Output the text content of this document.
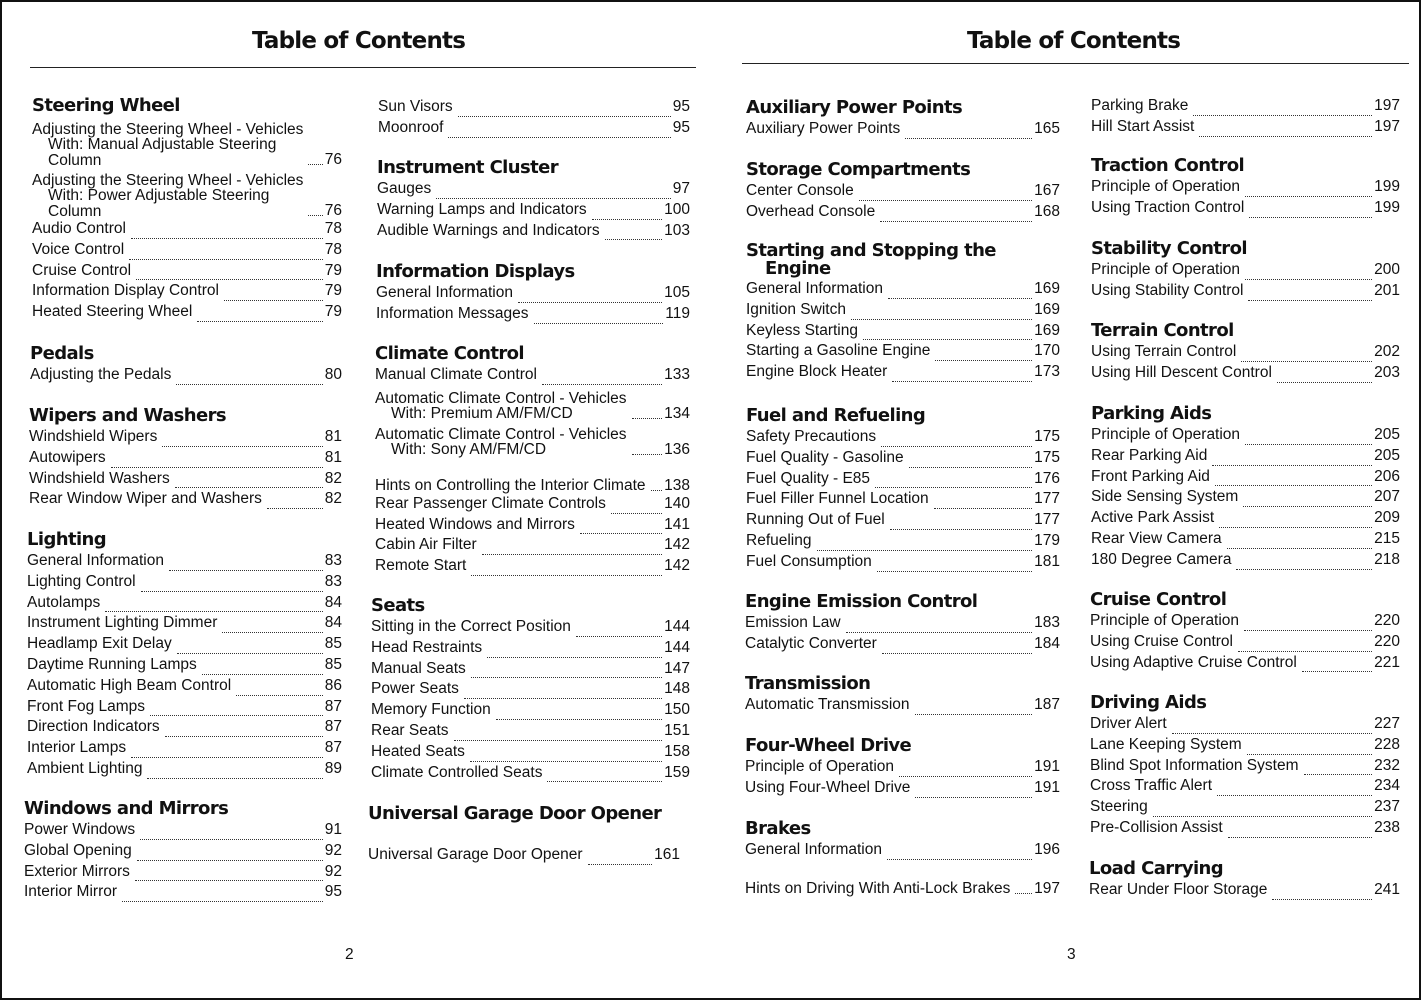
Table of Contents
Steering Wheel
Adjusting the Steering Wheel - Vehicles
With: Manual Adjustable Steering
Column	76
Adjusting the Steering Wheel - Vehicles
With: Power Adjustable Steering
Column	76
Audio Control	78
Voice Control	78
Cruise Control	79
Information Display Control	79
Heated Steering Wheel	79
Pedals
Adjusting the Pedals	80
Wipers and Washers
Windshield Wipers	81
Autowipers	81
Windshield Washers	82
Rear Window Wiper and Washers	82
Lighting
General Information	83
Lighting Control	83
Autolamps	84
Instrument Lighting Dimmer	84
Headlamp Exit Delay	85
Daytime Running Lamps	85
Automatic High Beam Control	86
Front Fog Lamps	87
Direction Indicators	87
Interior Lamps	87
Ambient Lighting	89
Windows and Mirrors
Power Windows	91
Global Opening	92
Exterior Mirrors	92
Interior Mirror	95
Sun Visors	95
Moonroof	95
Instrument Cluster
Gauges	97
Warning Lamps and Indicators	100
Audible Warnings and Indicators	103
Information Displays
General Information	105
Information Messages	119
Climate Control
Manual Climate Control	133
Automatic Climate Control - Vehicles
With: Premium AM/FM/CD	134
Automatic Climate Control - Vehicles
With: Sony AM/FM/CD	136
Hints on Controlling the Interior Climate 138
Rear Passenger Climate Controls	140
Heated Windows and Mirrors	141
Cabin Air Filter	142
Remote Start	142
Seats
Sitting in the Correct Position	144
Head Restraints	144
Manual Seats	147
Power Seats	148
Memory Function	150
Rear Seats	151
Heated Seats	158
Climate Controlled Seats	159
Universal Garage Door Opener
Universal Garage Door Opener	161
2
Table of Contents
Auxiliary Power Points
Auxiliary Power Points	165
Storage Compartments
Center Console	167
Overhead Console	168
Starting and Stopping the
Engine
General Information	169
Ignition Switch	169
Keyless Starting	169
Starting a Gasoline Engine	170
Engine Block Heater	173
Fuel and Refueling
Safety Precautions	175
Fuel Quality - Gasoline	175
Fuel Quality - E85	176
Fuel Filler Funnel Location	177
Running Out of Fuel	177
Refueling	179
Fuel Consumption	181
Engine Emission Control
Emission Law	183
Catalytic Converter	184
Transmission
Automatic Transmission	187
Four-Wheel Drive
Principle of Operation	191
Using Four-Wheel Drive	191
Brakes
General Information	196
Hints on Driving With Anti-Lock Brakes 197
Parking Brake	197
Hill Start Assist	197
Traction Control
Principle of Operation	199
Using Traction Control	199
Stability Control
Principle of Operation	200
Using Stability Control	201
Terrain Control
Using Terrain Control	202
Using Hill Descent Control	203
Parking Aids
Principle of Operation	205
Rear Parking Aid	205
Front Parking Aid	206
Side Sensing System	207
Active Park Assist	209
Rear View Camera	215
180 Degree Camera	218
Cruise Control
Principle of Operation	220
Using Cruise Control	220
Using Adaptive Cruise Control	221
Driving Aids
Driver Alert	227
Lane Keeping System	228
Blind Spot Information System	232
Cross Traffic Alert	234
Steering	237
Pre-Collision Assist	238
Load Carrying
Rear Under Floor Storage	241
3
